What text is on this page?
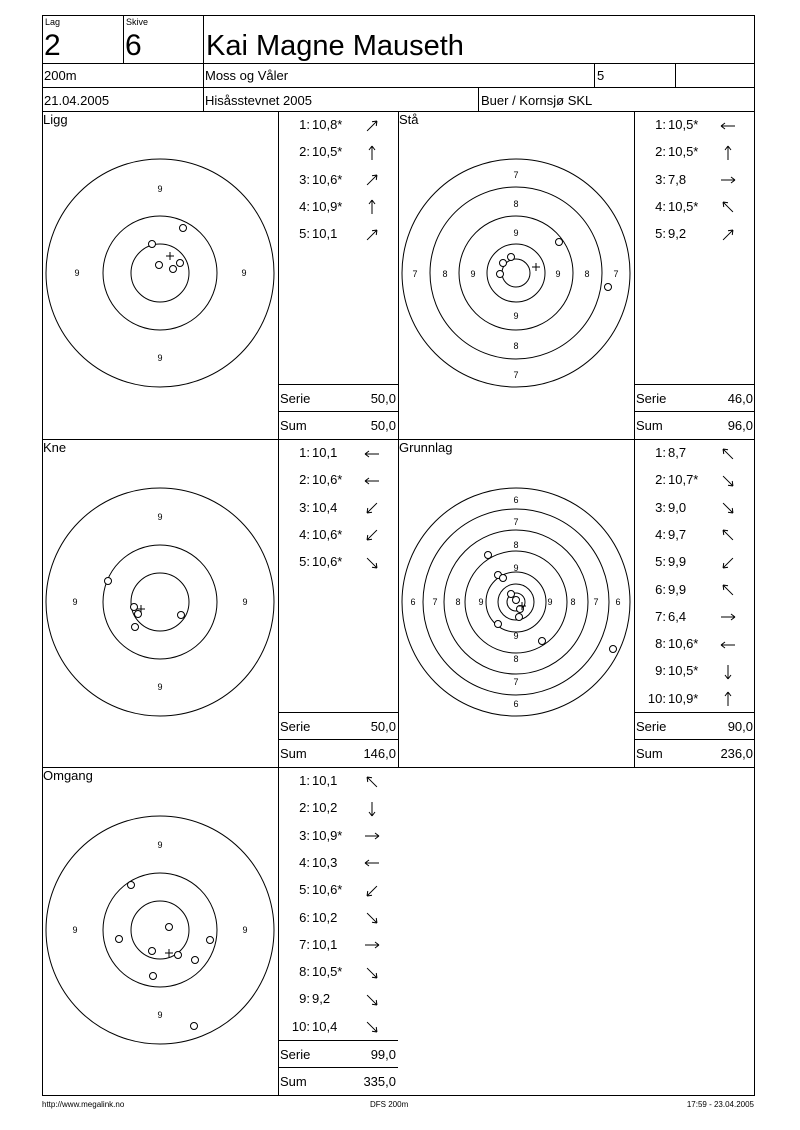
Lag
2
Skive
6 Kai Magne Mauseth
200m	Moss og Våler	5
21.04.2005	Hisåsstevnet 2005	Buer / Kornsjø SKL
Ligg
9
9	9
9
1: 10,8*
2: 10,5*
3: 10,6*
4: 10,9*
5: 10,1
Serie	50,0
Sum	50,0
Stå
7
8
9
9
8
7
7	8	9	9	8	7
1: 10,5*
2: 10,5*
3: 7,8
4: 10,5*
5: 9,2
Serie	46,0
Sum	96,0
Kne
9
9	9
9
1: 10,1
2: 10,6*
3: 10,4
4: 10,6*
5: 10,6*
Serie	50,0
Sum	146,0
Grunnlag
6
7
8
9
9
8
7
6
6 7 8 9	9 8 7 6
1: 8,7
2: 10,7*
3: 9,0
4: 9,7
5: 9,9
6: 9,9
7: 6,4
8: 10,6*
9: 10,5*
10: 10,9*
Serie	90,0
Sum	236,0
Omgang
9
9	9
9
1: 10,1
2: 10,2
3: 10,9*
4: 10,3
5: 10,6*
6: 10,2
7: 10,1
8: 10,5*
9: 9,2
10: 10,4
Serie	99,0
Sum	335,0
http://www.megalink.no	DFS 200m	17:59 - 23.04.2005
